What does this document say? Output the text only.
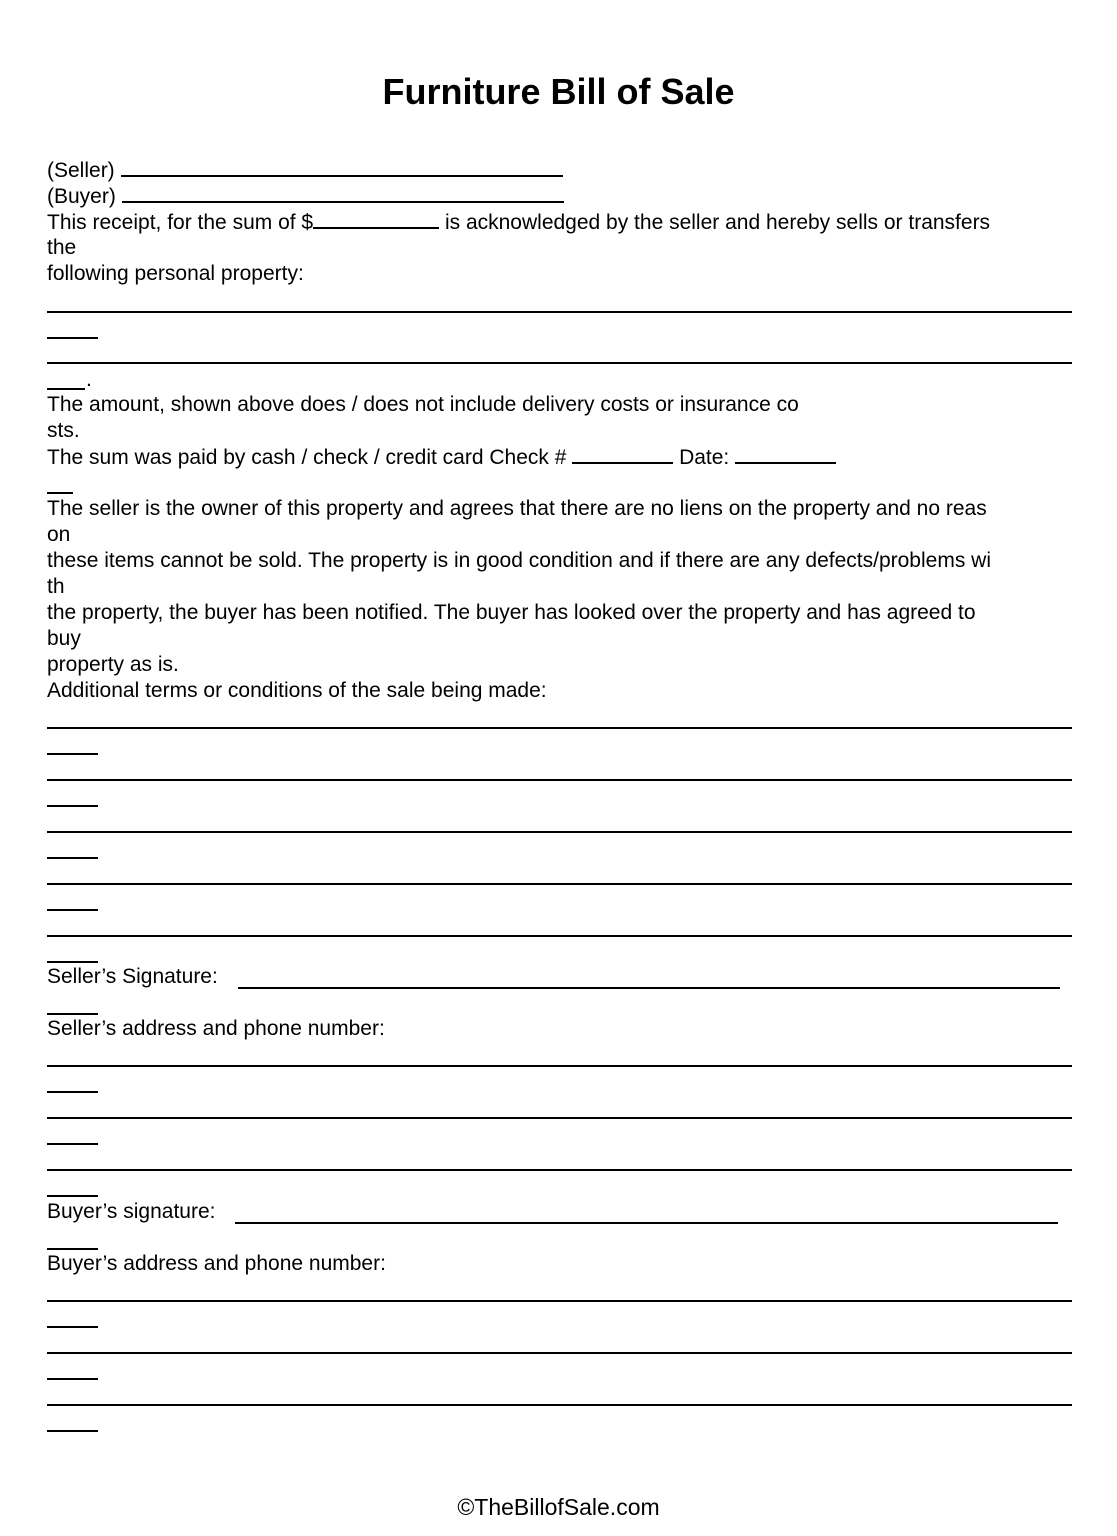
Furniture Bill of Sale
(Seller)
(Buyer)
This receipt, for the sum of $	is acknowledged by the seller and hereby sells or transfers
the
following personal property:
.
The amount, shown above does / does not include delivery costs or insurance co
sts.
The sum was paid by cash / check / credit card Check #	Date:
The seller is the owner of this property and agrees that there are no liens on the property and no reas
on
these items cannot be sold. The property is in good condition and if there are any defects/problems wi
th
the property, the buyer has been notified. The buyer has looked over the property and has agreed to
buy
property as is.
Additional terms or conditions of the sale being made:
Seller’s Signature:
Seller’s address and phone number:
Buyer’s signature:
Buyer’s address and phone number:
©TheBillofSale.com
